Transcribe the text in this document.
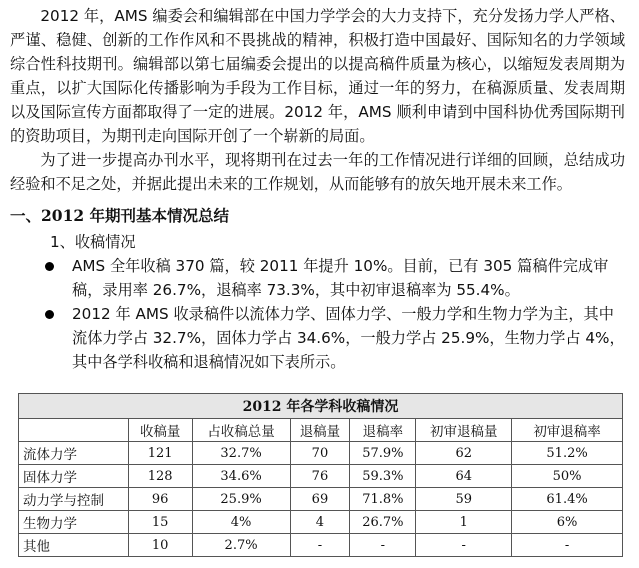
2012 年，AMS 编委会和编辑部在中国力学学会的大力支持下，充分发扬力学人严格、严谨、稳健、创新的工作作风和不畏挑战的精神，积极打造中国最好、国际知名的力学领域综合性科技期刊。编辑部以第七届编委会提出的以提高稿件质量为核心，以缩短发表周期为重点，以扩大国际化传播影响为手段为工作目标，通过一年的努力，在稿源质量、发表周期以及国际宣传方面都取得了一定的进展。2012 年，AMS 顺利申请到中国科协优秀国际期刊的资助项目，为期刊走向国际开创了一个崭新的局面。

为了进一步提高办刊水平，现将期刊在过去一年的工作情况进行详细的回顾，总结成功经验和不足之处，并据此提出未来的工作规划，从而能够有的放矢地开展未来工作。

一、2012 年期刊基本情况总结

1、收稿情况

AMS 全年收稿 370 篇，较 2011 年提升 10%。目前，已有 305 篇稿件完成审稿，录用率 26.7%，退稿率 73.3%，其中初审退稿率为 55.4%。
2012 年 AMS 收录稿件以流体力学、固体力学、一般力学和生物力学为主，其中流体力学占 32.7%，固体力学占 34.6%，一般力学占 25.9%，生物力学占 4%，其中各学科收稿和退稿情况如下表所示。
2012 年各学科收稿情况						
	收稿量	占收稿总量	退稿量	退稿率	初审退稿量	初审退稿率
流体力学	121	32.7%	70	57.9%	62	51.2%
固体力学	128	34.6%	76	59.3%	64	50%
动力学与控制	96	25.9%	69	71.8%	59	61.4%
生物力学	15	4%	4	26.7%	1	6%
其他	10	2.7%	-	-	-	-
